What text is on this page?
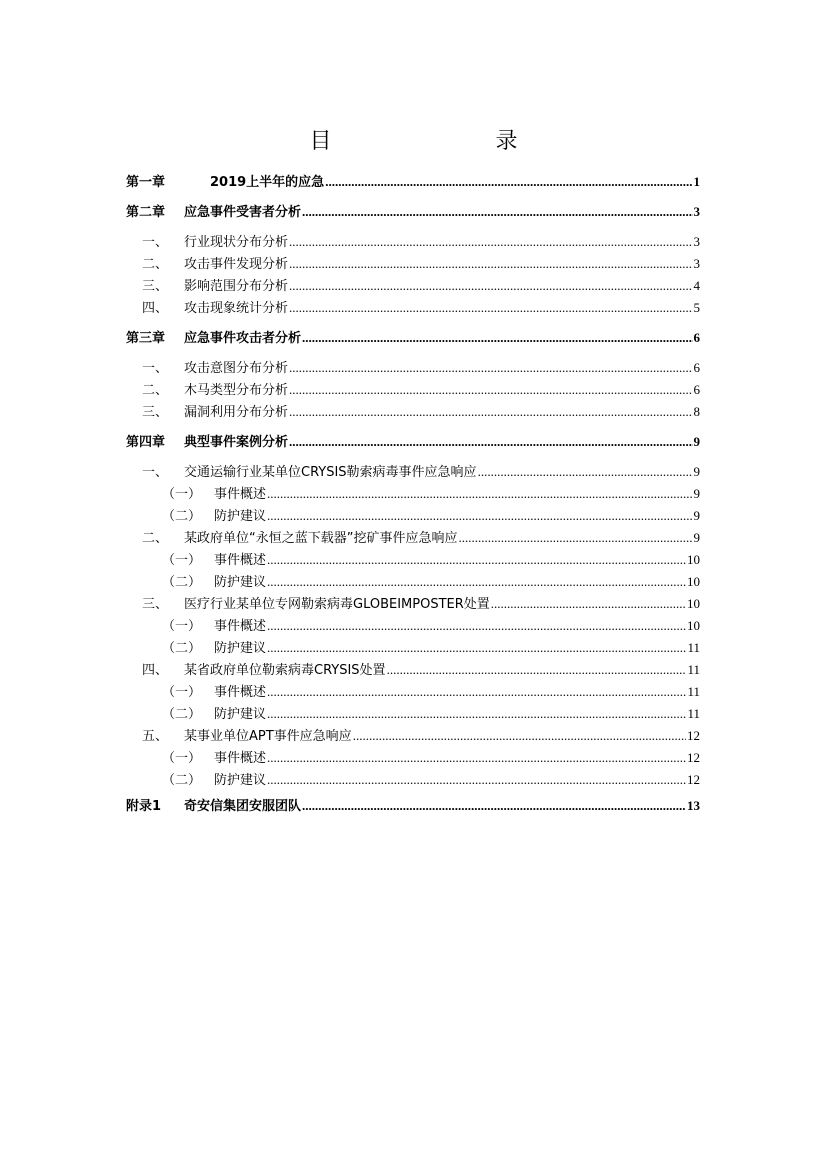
目　　录
第一章	　　2019上半年的应急 .....	1
第二章	应急事件受害者分析 .....	3
一、	行业现状分布分析 .....	3
二、	攻击事件发现分析 .....	3
三、	影响范围分布分析 .....	4
四、	攻击现象统计分析 .....	5
第三章	应急事件攻击者分析 .....	6
一、	攻击意图分布分析 .....	6
二、	木马类型分布分析 .....	6
三、	漏洞利用分布分析 .....	8
第四章	典型事件案例分析 .....	9
一、	交通运输行业某单位CRYSIS勒索病毒事件应急响应 .....	9
（一） 事件概述 .....	9
（二） 防护建议 .....	9
二、	某政府单位“永恒之蓝下载器”挖矿事件应急响应 .....	9
（一） 事件概述 .....	10
（二） 防护建议 .....	10
三、	医疗行业某单位专网勒索病毒GLOBEIMPOSTER处置 .....	10
（一） 事件概述 .....	10
（二） 防护建议 .....	11
四、	某省政府单位勒索病毒CRYSIS处置 .....	11
（一） 事件概述 .....	11
（二） 防护建议 .....	11
五、	某事业单位APT事件应急响应 .....	12
（一） 事件概述 .....	12
（二） 防护建议 .....	12
附录1	奇安信集团安服团队 .....	13
